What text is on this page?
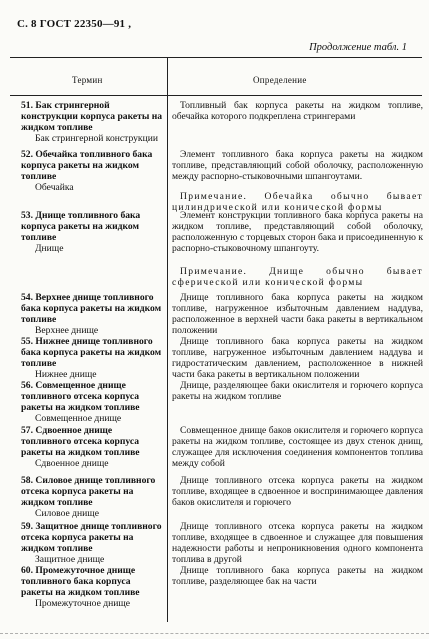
С. 8 ГОСТ 22350—91 ,
Продолжение табл. 1
Термин	Определение
51. Бак стрингерной конструкции корпуса ракеты на жидком топливе
Бак стрингерной конструкции
52. Обечайка топливного бака корпуса ракеты на жидком топливе
Обечайка
53. Днище топливного бака корпуса ракеты на жидком топливе
Днище
54. Верхнее днище топливного бака корпуса ракеты на жидком топливе
Верхнее днище
55. Нижнее днище топливного бака корпуса ракеты на жидком топливе
Нижнее днище
56. Совмещенное днище топливного отсека корпуса ракеты на жидком топливе
Совмещенное днище
57. Сдвоенное днище топливного отсека корпуса ракеты на жидком топливе
Сдвоенное днище
58. Силовое днище топливного отсека корпуса ракеты на жидком топливе
Силовое днище
59. Защитное днище топливного отсека корпуса ракеты на жидком топливе
Защитное днище
60. Промежуточное днище топливного бака корпуса ракеты на жидком топливе
Промежуточное днище
Топливный бак корпуса ракеты на жидком топливе, обечайка которого подкреплена стрингерами
Элемент топливного бака корпуса ракеты на жидком топливе, представляющий собой оболочку, расположенную между распорно-стыковочными шпангоутами.
Примечание. Обечайка обычно бывает цилиндрической или конической формы
Элемент конструкции топливного бака корпуса ракеты на жидком топливе, представляющий собой оболочку, расположенную с торцевых сторон бака и присоединенную к распорно-стыковочному шпангоуту.
Примечание. Днище обычно бывает сферической или конической формы
Днище топливного бака корпуса ракеты на жидком топливе, нагруженное избыточным давлением наддува, расположенное в верхней части бака ракеты в вертикальном положении
Днище топливного бака корпуса ракеты на жидком топливе, нагруженное избыточным давлением наддува и гидростатическим давлением, расположенное в нижней части бака ракеты в вертикальном положении
Днище, разделяющее баки окислителя и горючего корпуса ракеты на жидком топливе
Совмещенное днище баков окислителя и горючего корпуса ракеты на жидком топливе, состоящее из двух стенок днищ, служащее для исключения соединения компонентов топлива между собой
Днище топливного отсека корпуса ракеты на жидком топливе, входящее в сдвоенное и воспринимающее давления баков окислителя и горючего
Днище топливного отсека корпуса ракеты на жидком топливе, входящее в сдвоенное и служащее для повышения надежности работы и непроникновения одного компонента топлива в другой
Днище топливного бака корпуса ракеты на жидком топливе, разделяющее бак на части
